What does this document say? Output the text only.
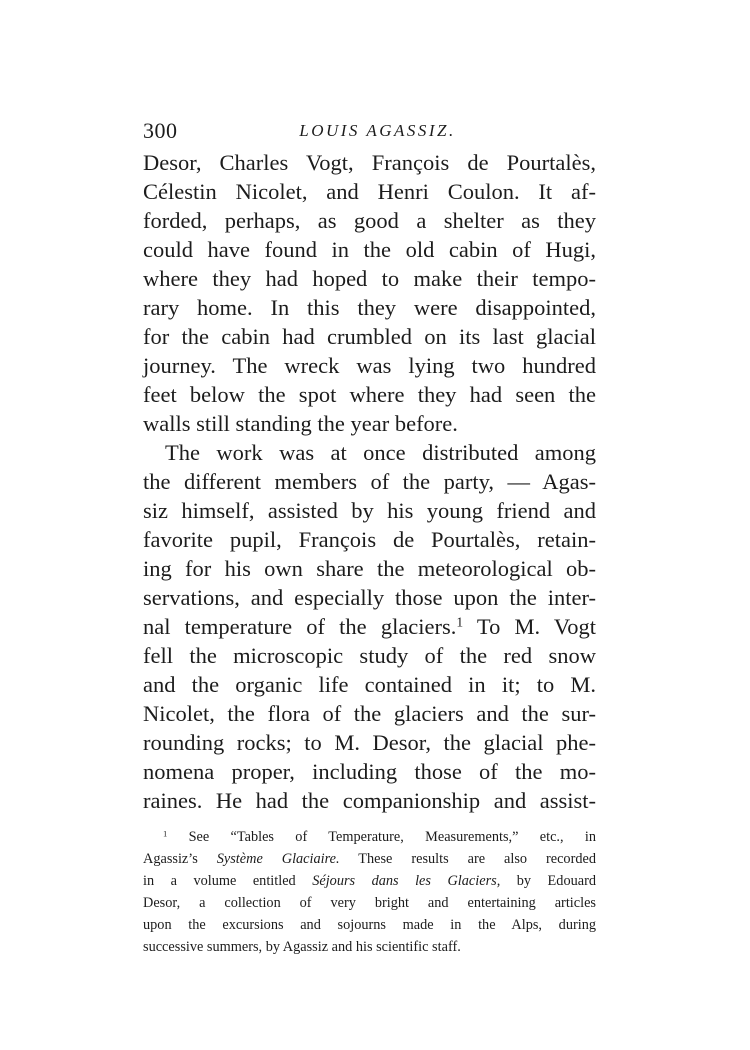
300	LOUIS AGASSIZ.
Desor, Charles Vogt, François de Pourtalès,
Célestin Nicolet, and Henri Coulon. It af-
forded, perhaps, as good a shelter as they
could have found in the old cabin of Hugi,
where they had hoped to make their tempo-
rary home. In this they were disappointed,
for the cabin had crumbled on its last glacial
journey. The wreck was lying two hundred
feet below the spot where they had seen the
walls still standing the year before.
The work was at once distributed among
the different members of the party, — Agas-
siz himself, assisted by his young friend and
favorite pupil, François de Pourtalès, retain-
ing for his own share the meteorological ob-
servations, and especially those upon the inter-
nal temperature of the glaciers.$^1$ To M. Vogt
fell the microscopic study of the red snow
and the organic life contained in it; to M.
Nicolet, the flora of the glaciers and the sur-
rounding rocks; to M. Desor, the glacial phe-
nomena proper, including those of the mo-
raines. He had the companionship and assist-
$^1$ See “Tables of Temperature, Measurements,” etc., in
Agassiz’s Système Glaciaire. These results are also recorded
in a volume entitled Séjours dans les Glaciers, by Edouard
Desor, a collection of very bright and entertaining articles
upon the excursions and sojourns made in the Alps, during
successive summers, by Agassiz and his scientific staff.
